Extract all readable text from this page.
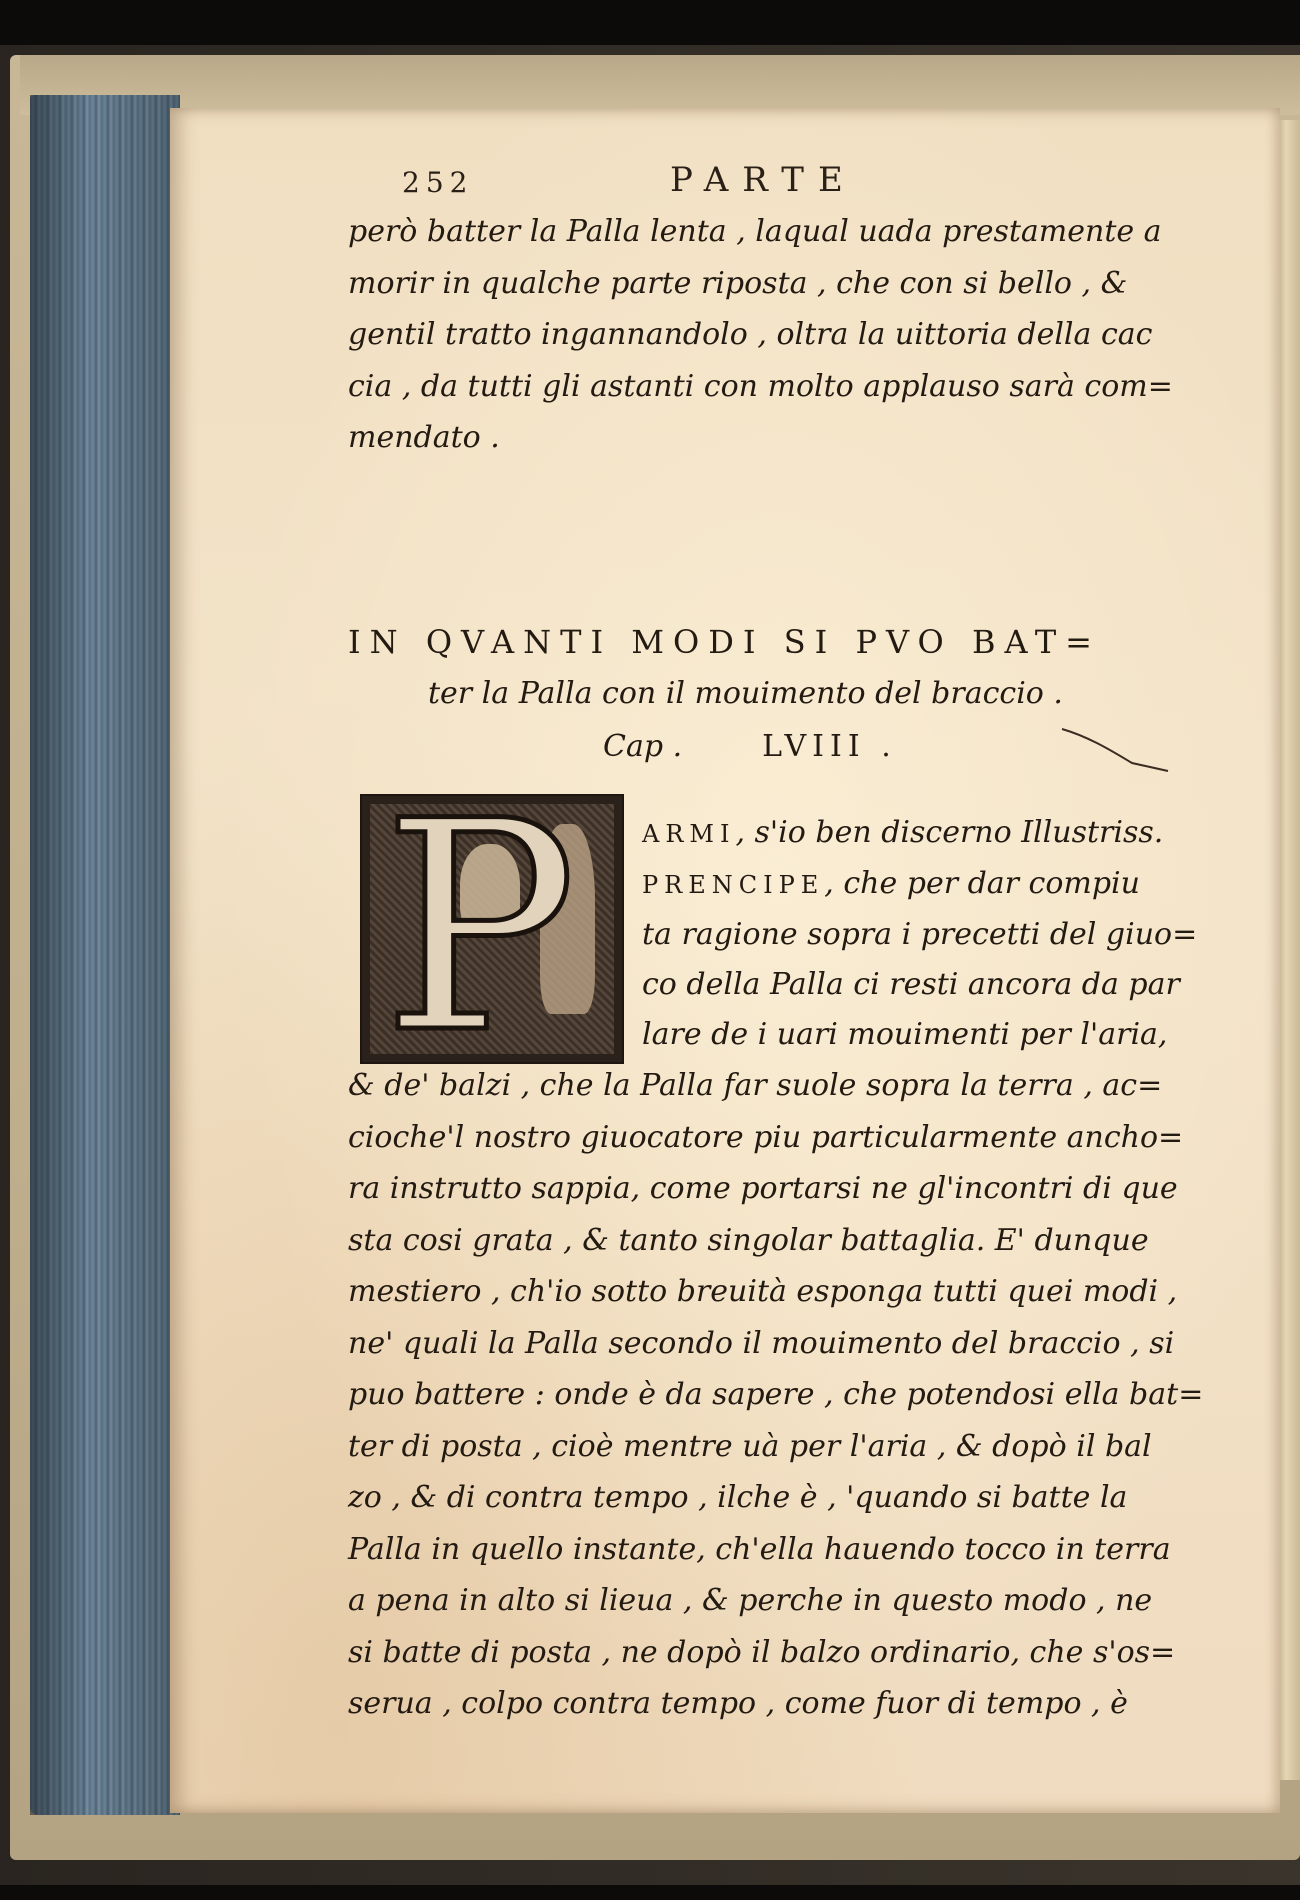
252	PARTE
però batter la Palla lenta , laqual uada prestamente a
morir in qualche parte riposta , che con si bello , &
gentil tratto ingannandolo , oltra la uittoria della cac
cia , da tutti gli astanti con molto applauso sarà com=
mendato .
IN QVANTI MODI SI PVO BAT=
ter la Palla con il mouimento del braccio .
Cap .	LVIII .
P	ARMI, s'io ben discerno Illustriss.
PRENCIPE, che per dar compiu
ta ragione sopra i precetti del giuo=
co della Palla ci resti ancora da par
lare de i uari mouimenti per l'aria,
& de' balzi , che la Palla far suole sopra la terra , ac=
cioche'l nostro giuocatore piu particularmente ancho=
ra instrutto sappia, come portarsi ne gl'incontri di que
sta cosi grata , & tanto singolar battaglia. E' dunque
mestiero , ch'io sotto breuità esponga tutti quei modi ,
ne' quali la Palla secondo il mouimento del braccio , si
puo battere : onde è da sapere , che potendosi ella bat=
ter di posta , cioè mentre uà per l'aria , & dopò il bal
zo , & di contra tempo , ilche è , 'quando si batte la
Palla in quello instante, ch'ella hauendo tocco in terra
a pena in alto si lieua , & perche in questo modo , ne
si batte di posta , ne dopò il balzo ordinario, che s'os=
serua , colpo contra tempo , come fuor di tempo , è
